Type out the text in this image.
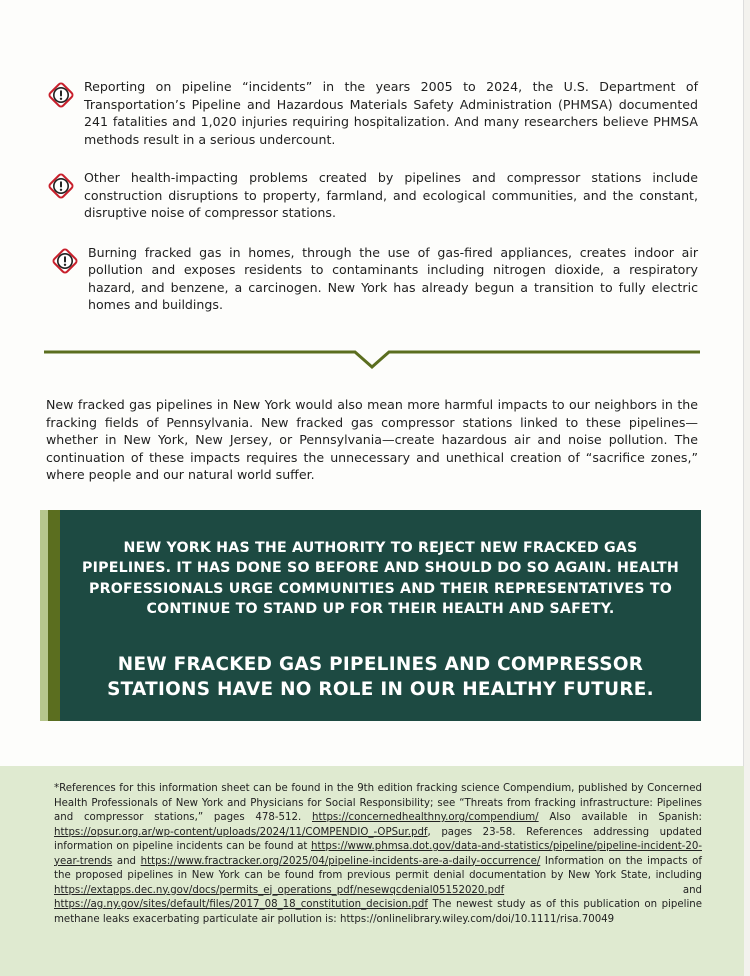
Reporting on pipeline “incidents” in the years 2005 to 2024, the U.S. Department of Transportation’s Pipeline and Hazardous Materials Safety Administration (PHMSA) documented 241 fatalities and 1,020 injuries requiring hospitalization. And many researchers believe PHMSA methods result in a serious undercount.

Other health-impacting problems created by pipelines and compressor stations include construction disruptions to property, farmland, and ecological communities, and the constant, disruptive noise of compressor stations.

Burning fracked gas in homes, through the use of gas-fired appliances, creates indoor air pollution and exposes residents to contaminants including nitrogen dioxide, a respiratory hazard, and benzene, a carcinogen. New York has already begun a transition to fully electric homes and buildings.

New fracked gas pipelines in New York would also mean more harmful impacts to our neighbors in the fracking fields of Pennsylvania. New fracked gas compressor stations linked to these pipelines—whether in New York, New Jersey, or Pennsylvania—create hazardous air and noise pollution. The continuation of these impacts requires the unnecessary and unethical creation of “sacrifice zones,” where people and our natural world suffer.

NEW YORK HAS THE AUTHORITY TO REJECT NEW FRACKED GAS PIPELINES. IT HAS DONE SO BEFORE AND SHOULD DO SO AGAIN. HEALTH PROFESSIONALS URGE COMMUNITIES AND THEIR REPRESENTATIVES TO CONTINUE TO STAND UP FOR THEIR HEALTH AND SAFETY.
NEW FRACKED GAS PIPELINES AND COMPRESSOR STATIONS HAVE NO ROLE IN OUR HEALTHY FUTURE.

*References for this information sheet can be found in the 9th edition fracking science Compendium, published by Concerned Health Professionals of New York and Physicians for Social Responsibility; see “Threats from fracking infrastructure: Pipelines and compressor stations,” pages 478-512. https://concernedhealthny.org/compendium/ Also available in Spanish: https://opsur.org.ar/wp-content/uploads/2024/11/COMPENDIO_-OPSur.pdf, pages 23-58. References addressing updated information on pipeline incidents can be found at https://www.phmsa.dot.gov/data-and-statistics/pipeline/pipeline-incident-20-year-trends and https://www.fractracker.org/2025/04/pipeline-incidents-are-a-daily-occurrence/ Information on the impacts of the proposed pipelines in New York can be found from previous permit denial documentation by New York State, including https://extapps.dec.ny.gov/docs/permits_ej_operations_pdf/nesewqcdenial05152020.pdf and https://ag.ny.gov/sites/default/files/2017_08_18_constitution_decision.pdf The newest study as of this publication on pipeline methane leaks exacerbating particulate air pollution is: https://onlinelibrary.wiley.com/doi/10.1111/risa.70049
